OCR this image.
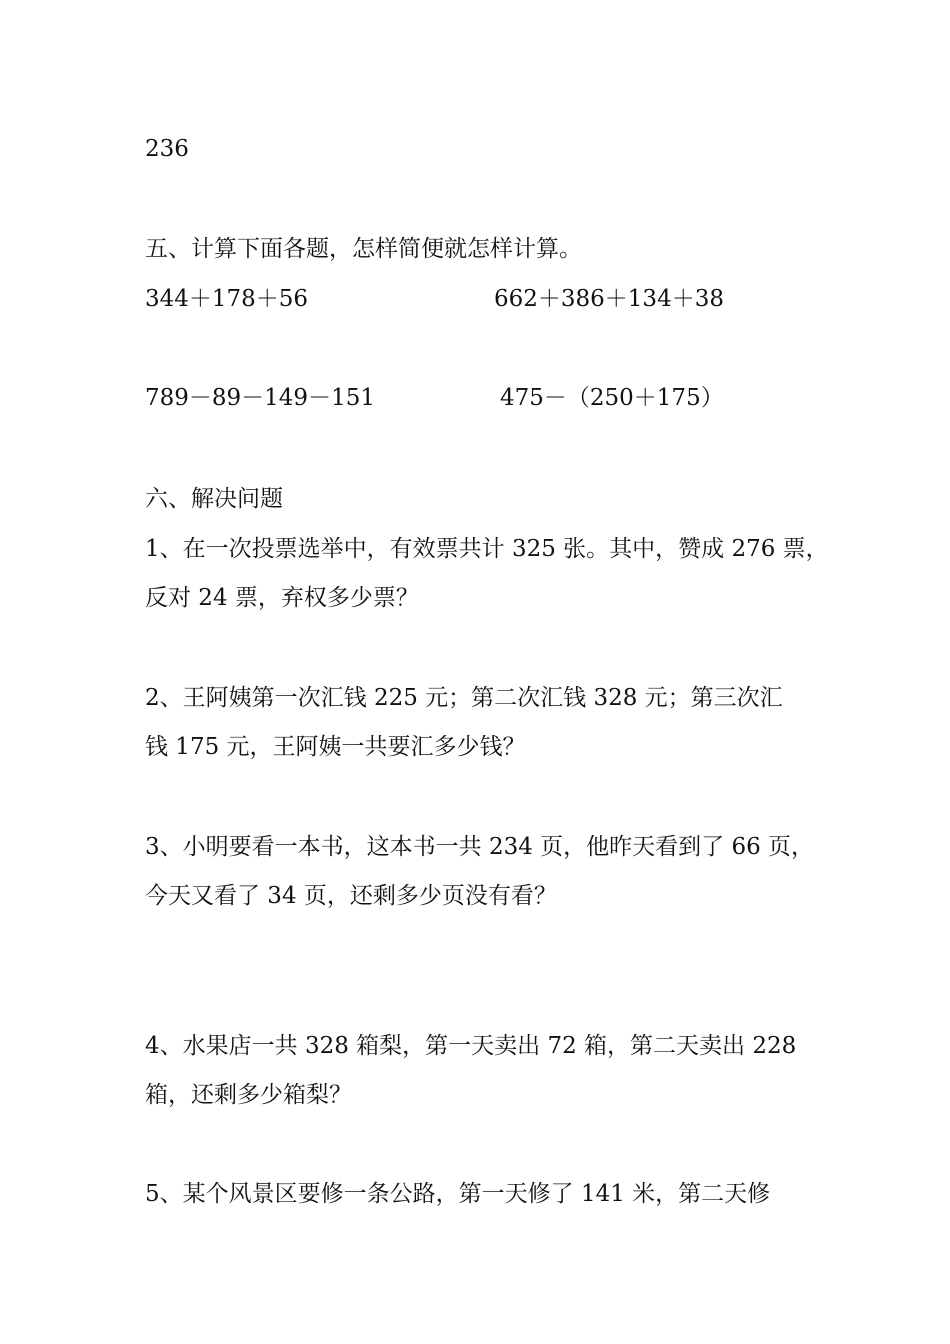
236
五、计算下面各题，怎样简便就怎样计算。
344＋178＋56	662＋386＋134＋38
789－89－149－151	475－（250＋175）
六、解决问题
1、在一次投票选举中，有效票共计 325 张。其中，赞成 276 票，
反对 24 票，弃权多少票？
2、王阿姨第一次汇钱 225 元；第二次汇钱 328 元；第三次汇
钱 175 元，王阿姨一共要汇多少钱？
3、小明要看一本书，这本书一共 234 页，他昨天看到了 66 页，
今天又看了 34 页，还剩多少页没有看？
4、水果店一共 328 箱梨，第一天卖出 72 箱，第二天卖出 228
箱，还剩多少箱梨？
5、某个风景区要修一条公路，第一天修了 141 米，第二天修
